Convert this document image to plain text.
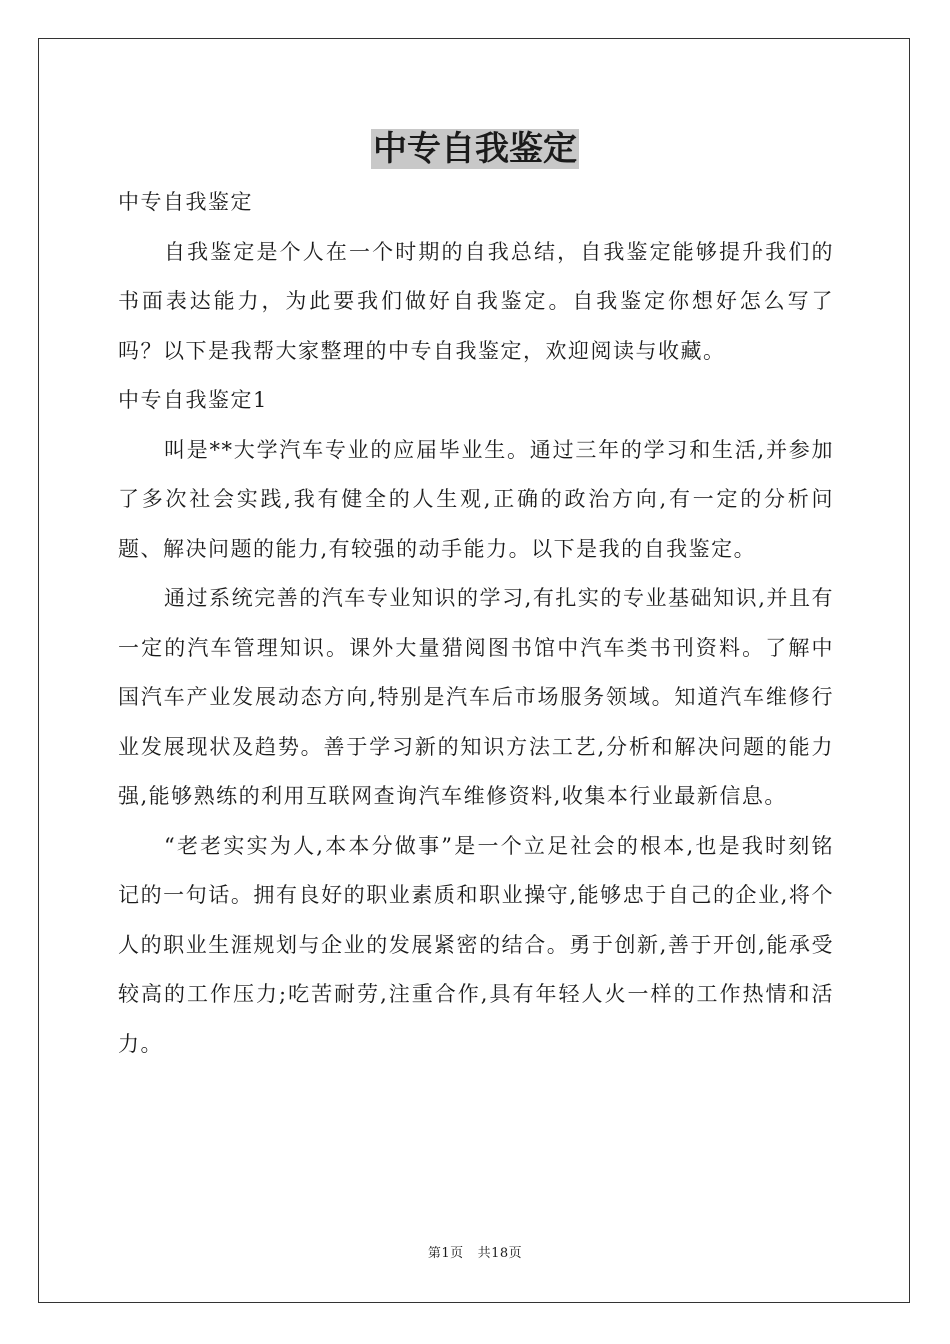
中专自我鉴定

中专自我鉴定

自我鉴定是个人在一个时期的自我总结，自我鉴定能够提升我们的书面表达能力，为此要我们做好自我鉴定。自我鉴定你想好怎么写了吗？以下是我帮大家整理的中专自我鉴定，欢迎阅读与收藏。

中专自我鉴定1

叫是**大学汽车专业的应届毕业生。通过三年的学习和生活,并参加了多次社会实践,我有健全的人生观,正确的政治方向,有一定的分析问题、解决问题的能力,有较强的动手能力。以下是我的自我鉴定。

通过系统完善的汽车专业知识的学习,有扎实的专业基础知识,并且有一定的汽车管理知识。课外大量猎阅图书馆中汽车类书刊资料。了解中国汽车产业发展动态方向,特别是汽车后市场服务领域。知道汽车维修行业发展现状及趋势。善于学习新的知识方法工艺,分析和解决问题的能力强,能够熟练的利用互联网查询汽车维修资料,收集本行业最新信息。

“老老实实为人,本本分做事”是一个立足社会的根本,也是我时刻铭记的一句话。拥有良好的职业素质和职业操守,能够忠于自己的企业,将个人的职业生涯规划与企业的发展紧密的结合。勇于创新,善于开创,能承受较高的工作压力;吃苦耐劳,注重合作,具有年轻人火一样的工作热情和活力。

第1页 共18页
